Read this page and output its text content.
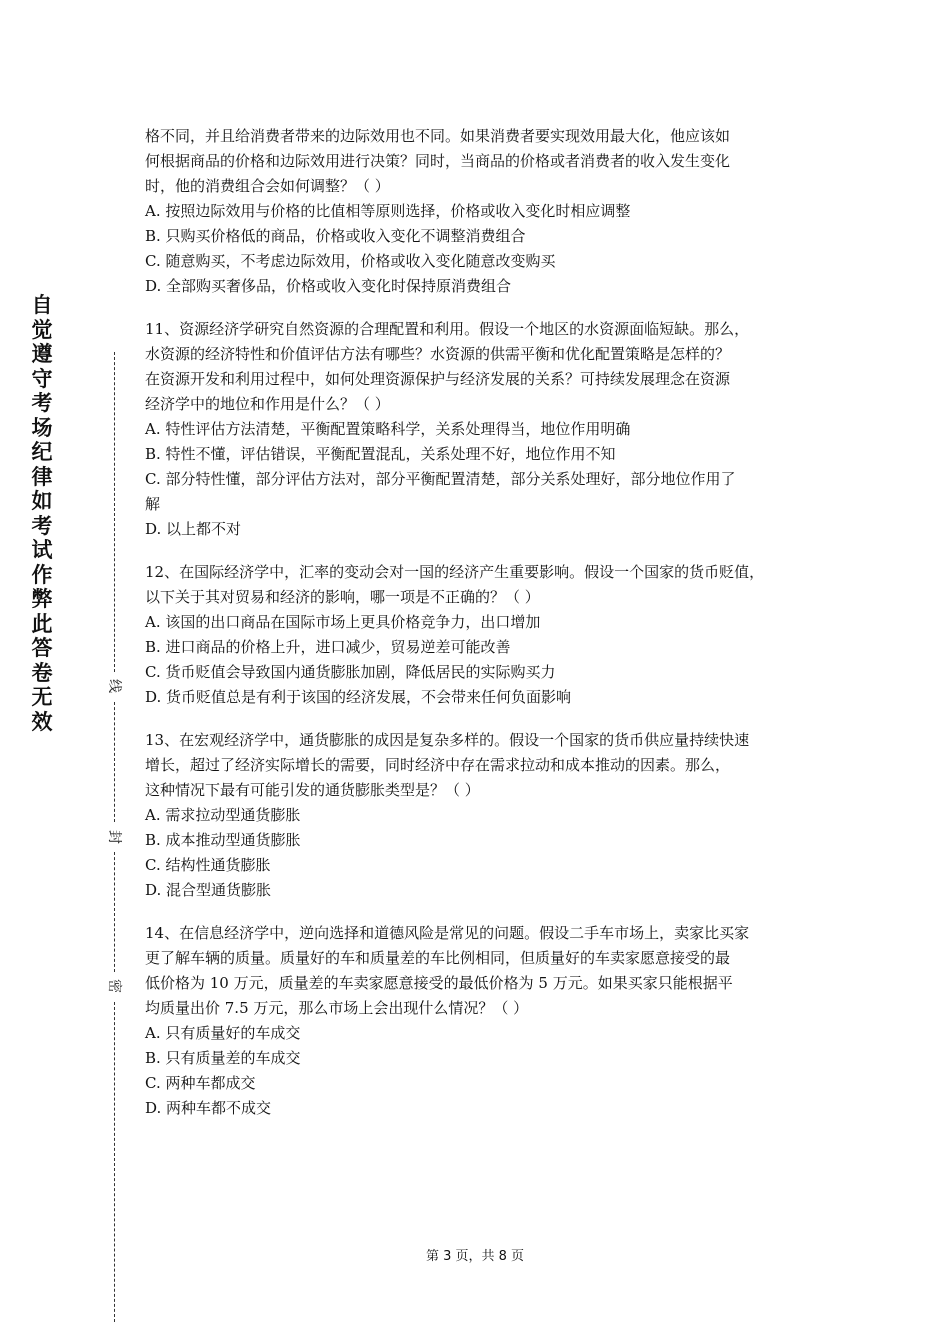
自觉遵守考场纪律如考试作弊此答卷无效
线
封
密
格不同，并且给消费者带来的边际效用也不同。如果消费者要实现效用最大化，他应该如
何根据商品的价格和边际效用进行决策？同时，当商品的价格或者消费者的收入发生变化
时，他的消费组合会如何调整？（ ）
A. 按照边际效用与价格的比值相等原则选择，价格或收入变化时相应调整
B. 只购买价格低的商品，价格或收入变化不调整消费组合
C. 随意购买，不考虑边际效用，价格或收入变化随意改变购买
D. 全部购买奢侈品，价格或收入变化时保持原消费组合
11、资源经济学研究自然资源的合理配置和利用。假设一个地区的水资源面临短缺。那么，
水资源的经济特性和价值评估方法有哪些？水资源的供需平衡和优化配置策略是怎样的？
在资源开发和利用过程中，如何处理资源保护与经济发展的关系？可持续发展理念在资源
经济学中的地位和作用是什么？（ ）
A. 特性评估方法清楚，平衡配置策略科学，关系处理得当，地位作用明确
B. 特性不懂，评估错误，平衡配置混乱，关系处理不好，地位作用不知
C. 部分特性懂，部分评估方法对，部分平衡配置清楚，部分关系处理好，部分地位作用了
解
D. 以上都不对
12、在国际经济学中，汇率的变动会对一国的经济产生重要影响。假设一个国家的货币贬值，
以下关于其对贸易和经济的影响，哪一项是不正确的？（ ）
A. 该国的出口商品在国际市场上更具价格竞争力，出口增加
B. 进口商品的价格上升，进口减少，贸易逆差可能改善
C. 货币贬值会导致国内通货膨胀加剧，降低居民的实际购买力
D. 货币贬值总是有利于该国的经济发展，不会带来任何负面影响
13、在宏观经济学中，通货膨胀的成因是复杂多样的。假设一个国家的货币供应量持续快速
增长，超过了经济实际增长的需要，同时经济中存在需求拉动和成本推动的因素。那么，
这种情况下最有可能引发的通货膨胀类型是？（ ）
A. 需求拉动型通货膨胀
B. 成本推动型通货膨胀
C. 结构性通货膨胀
D. 混合型通货膨胀
14、在信息经济学中，逆向选择和道德风险是常见的问题。假设二手车市场上，卖家比买家
更了解车辆的质量。质量好的车和质量差的车比例相同，但质量好的车卖家愿意接受的最
低价格为 10 万元，质量差的车卖家愿意接受的最低价格为 5 万元。如果买家只能根据平
均质量出价 7.5 万元，那么市场上会出现什么情况？（ ）
A. 只有质量好的车成交
B. 只有质量差的车成交
C. 两种车都成交
D. 两种车都不成交
第 3 页，共 8 页
